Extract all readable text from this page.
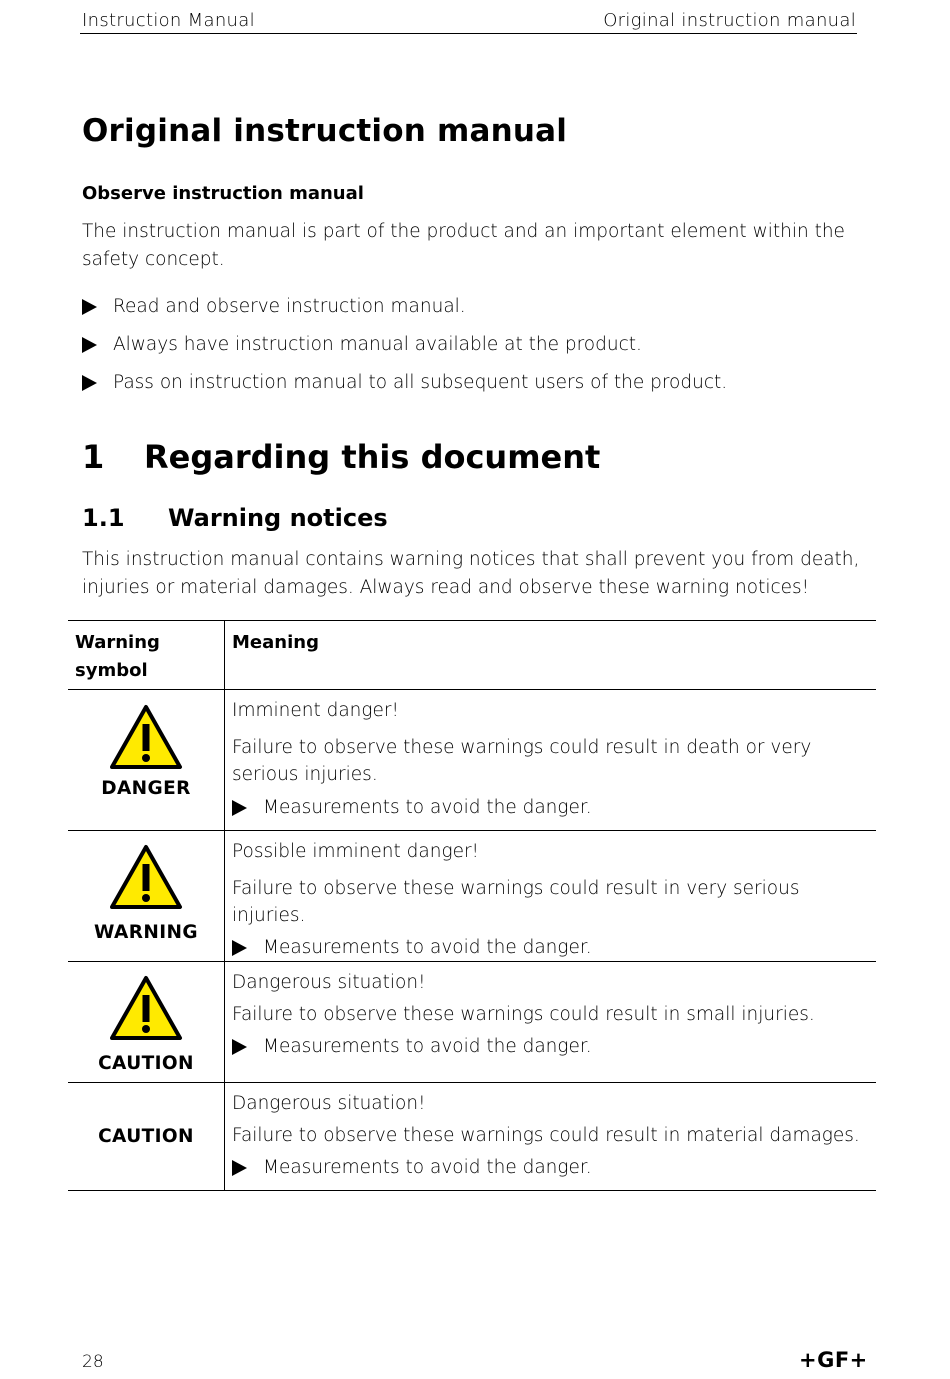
Instruction Manual	Original instruction manual
Original instruction manual
Observe instruction manual

The instruction manual is part of the product and an important element within the safety concept.

Read and observe instruction manual.
Always have instruction manual available at the product.
Pass on instruction manual to all subsequent users of the product.
1	Regarding this document
1.1	Warning notices

This instruction manual contains warning notices that shall prevent you from death, injuries or material damages. Always read and observe these warning notices!

Warning symbol	Meaning

DANGER	Imminent danger!
Failure to observe these warnings could result in death or very serious injuries.
Measurements to avoid the danger.

WARNING	Possible imminent danger!
Failure to observe these warnings could result in very serious injuries.
Measurements to avoid the danger.

CAUTION	Dangerous situation!
Failure to observe these warnings could result in small injuries.
Measurements to avoid the danger.

CAUTION	Dangerous situation!
Failure to observe these warnings could result in material damages.
Measurements to avoid the danger.
28	+GF+
